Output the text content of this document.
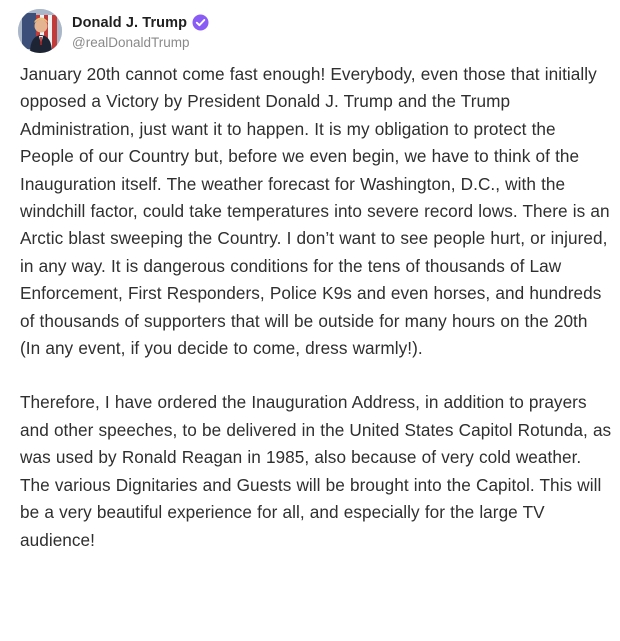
Donald J. Trump
@realDonaldTrump

January 20th cannot come fast enough! Everybody, even those that initially opposed a Victory by President Donald J. Trump and the Trump Administration, just want it to happen. It is my obligation to protect the People of our Country but, before we even begin, we have to think of the Inauguration itself. The weather forecast for Washington, D.C., with the windchill factor, could take temperatures into severe record lows. There is an Arctic blast sweeping the Country. I don’t want to see people hurt, or injured, in any way. It is dangerous conditions for the tens of thousands of Law Enforcement, First Responders, Police K9s and even horses, and hundreds of thousands of supporters that will be outside for many hours on the 20th (In any event, if you decide to come, dress warmly!).

Therefore, I have ordered the Inauguration Address, in addition to prayers and other speeches, to be delivered in the United States Capitol Rotunda, as was used by Ronald Reagan in 1985, also because of very cold weather. The various Dignitaries and Guests will be brought into the Capitol. This will be a very beautiful experience for all, and especially for the large TV audience!
